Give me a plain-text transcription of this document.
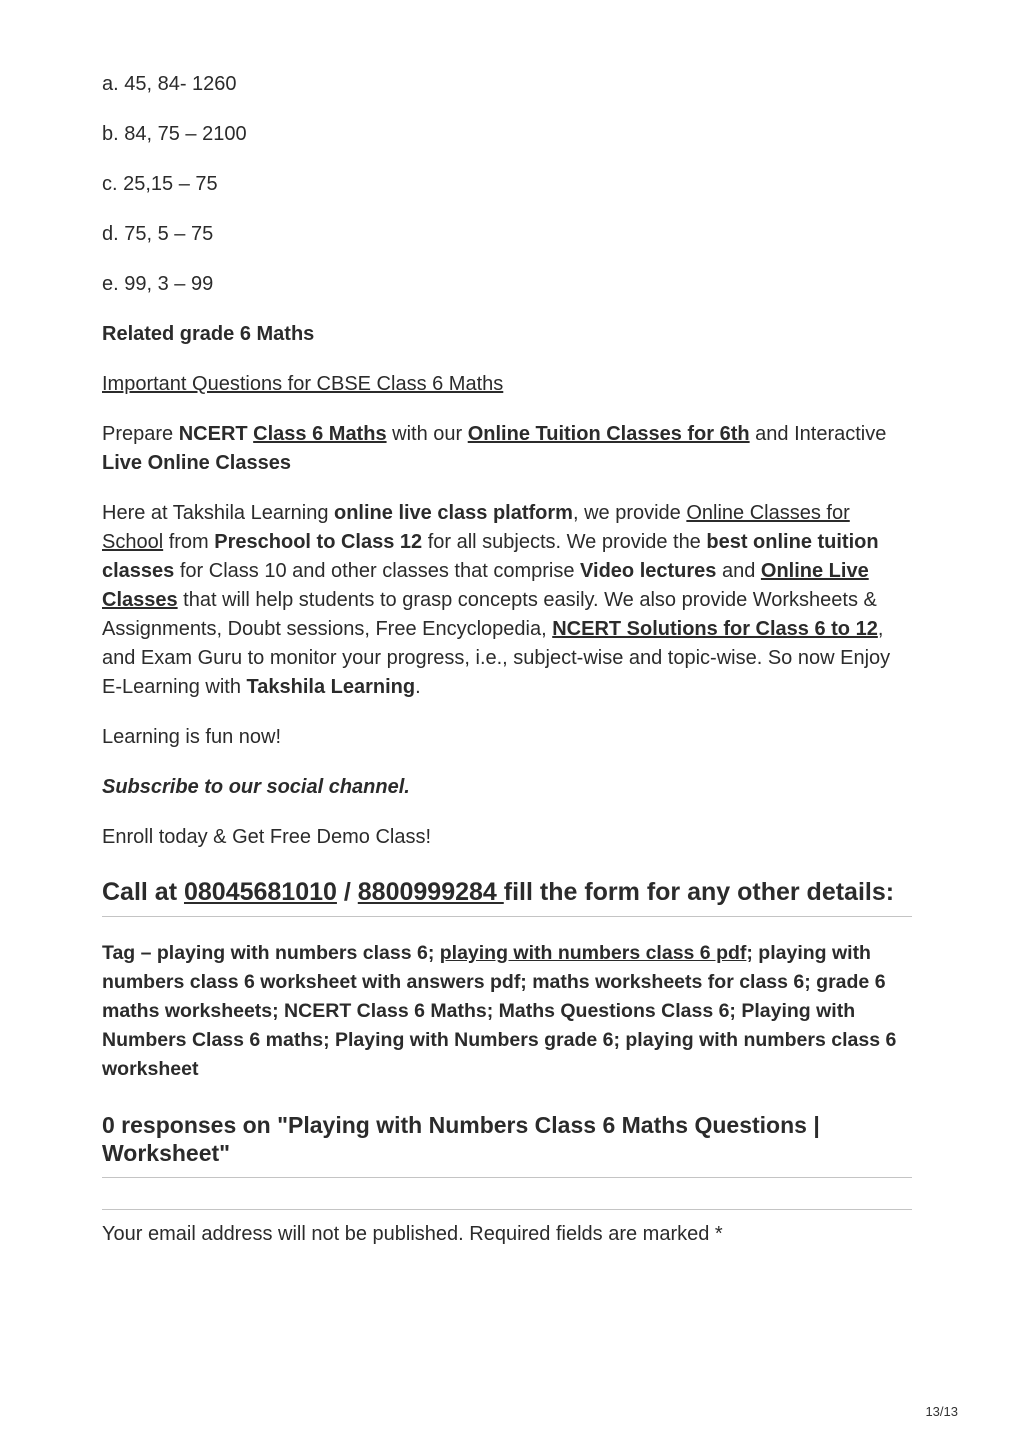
a. 45, 84- 1260

b. 84, 75 – 2100

c. 25,15 – 75

d. 75, 5 – 75

e. 99, 3 – 99

Related grade 6 Maths

Important Questions for CBSE Class 6 Maths

Prepare NCERT Class 6 Maths with our Online Tuition Classes for 6th and Interactive Live Online Classes

Here at Takshila Learning online live class platform, we provide Online Classes for School from Preschool to Class 12 for all subjects. We provide the best online tuition classes for Class 10 and other classes that comprise Video lectures and Online Live Classes that will help students to grasp concepts easily. We also provide Worksheets & Assignments, Doubt sessions, Free Encyclopedia, NCERT Solutions for Class 6 to 12, and Exam Guru to monitor your progress, i.e., subject-wise and topic-wise. So now Enjoy E-Learning with Takshila Learning.

Learning is fun now!

Subscribe to our social channel.

Enroll today & Get Free Demo Class!

Call at 08045681010 / 8800999284 fill the form for any other details:

Tag – playing with numbers class 6; playing with numbers class 6 pdf; playing with numbers class 6 worksheet with answers pdf; maths worksheets for class 6; grade 6 maths worksheets; NCERT Class 6 Maths; Maths Questions Class 6; Playing with Numbers Class 6 maths; Playing with Numbers grade 6; playing with numbers class 6 worksheet

0 responses on "Playing with Numbers Class 6 Maths Questions | Worksheet"

Your email address will not be published. Required fields are marked *

13/13
